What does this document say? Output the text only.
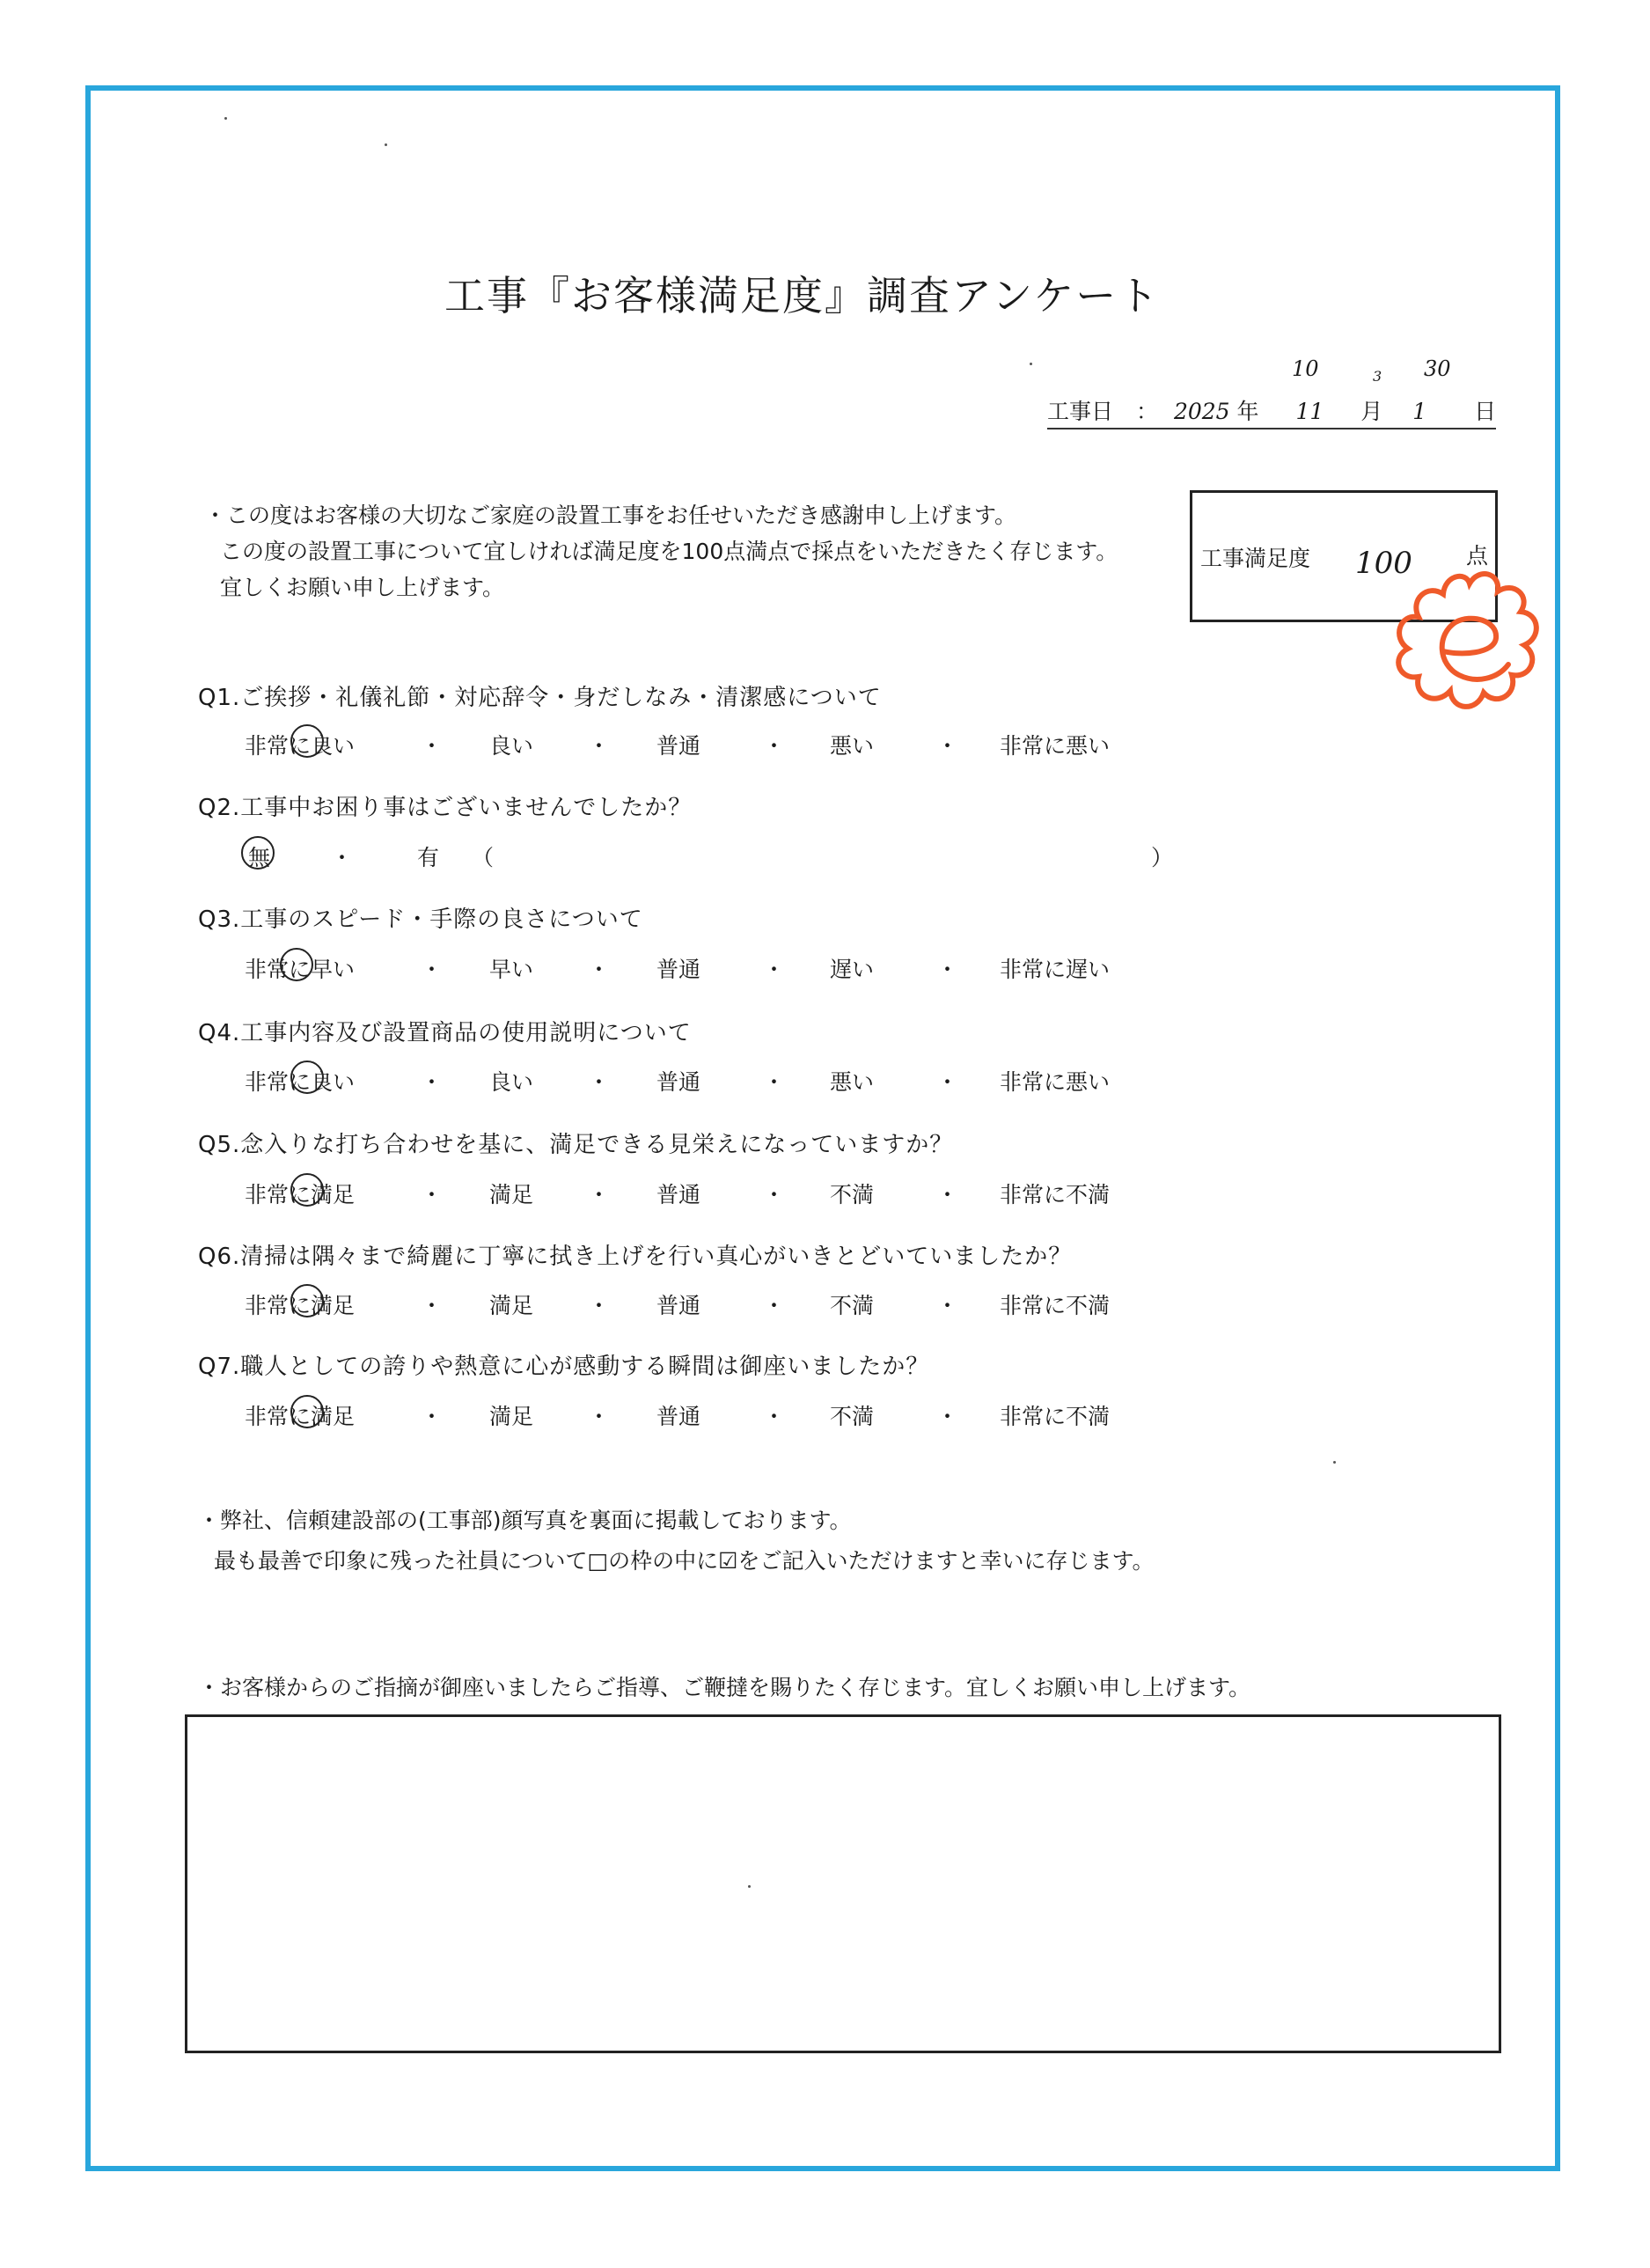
工事『お客様満足度』調査アンケート
10	3 30
工事日 ： 2025 年 11 月 1 日
・この度はお客様の大切なご家庭の設置工事をお任せいただき感謝申し上げます。
この度の設置工事について宜しければ満足度を100点満点で採点をいただきたく存じます。
宜しくお願い申し上げます。
工事満足度 100 点
Q1.ご挨拶・礼儀礼節・対応辞令・身だしなみ・清潔感について
非常に良い	・ 良い ・ 普通	・ 悪い	・ 非常に悪い
Q2.工事中お困り事はございませんでしたか？
無	・	有 （	）
Q3.工事のスピード・手際の良さについて
非常に早い	・ 早い ・ 普通	・ 遅い	・ 非常に遅い
Q4.工事内容及び設置商品の使用説明について
非常に良い	・ 良い ・ 普通	・ 悪い	・ 非常に悪い
Q5.念入りな打ち合わせを基に、満足できる見栄えになっていますか？
非常に満足	・ 満足 ・ 普通	・ 不満	・ 非常に不満
Q6.清掃は隅々まで綺麗に丁寧に拭き上げを行い真心がいきとどいていましたか？
非常に満足	・ 満足 ・ 普通	・ 不満	・ 非常に不満
Q7.職人としての誇りや熱意に心が感動する瞬間は御座いましたか？
非常に満足	・ 満足 ・ 普通	・ 不満	・ 非常に不満
・弊社、信頼建設部の(工事部)顔写真を裏面に掲載しております。
最も最善で印象に残った社員について□の枠の中に☑をご記入いただけますと幸いに存じます。
・お客様からのご指摘が御座いましたらご指導、ご鞭撻を賜りたく存じます。宜しくお願い申し上げます。
